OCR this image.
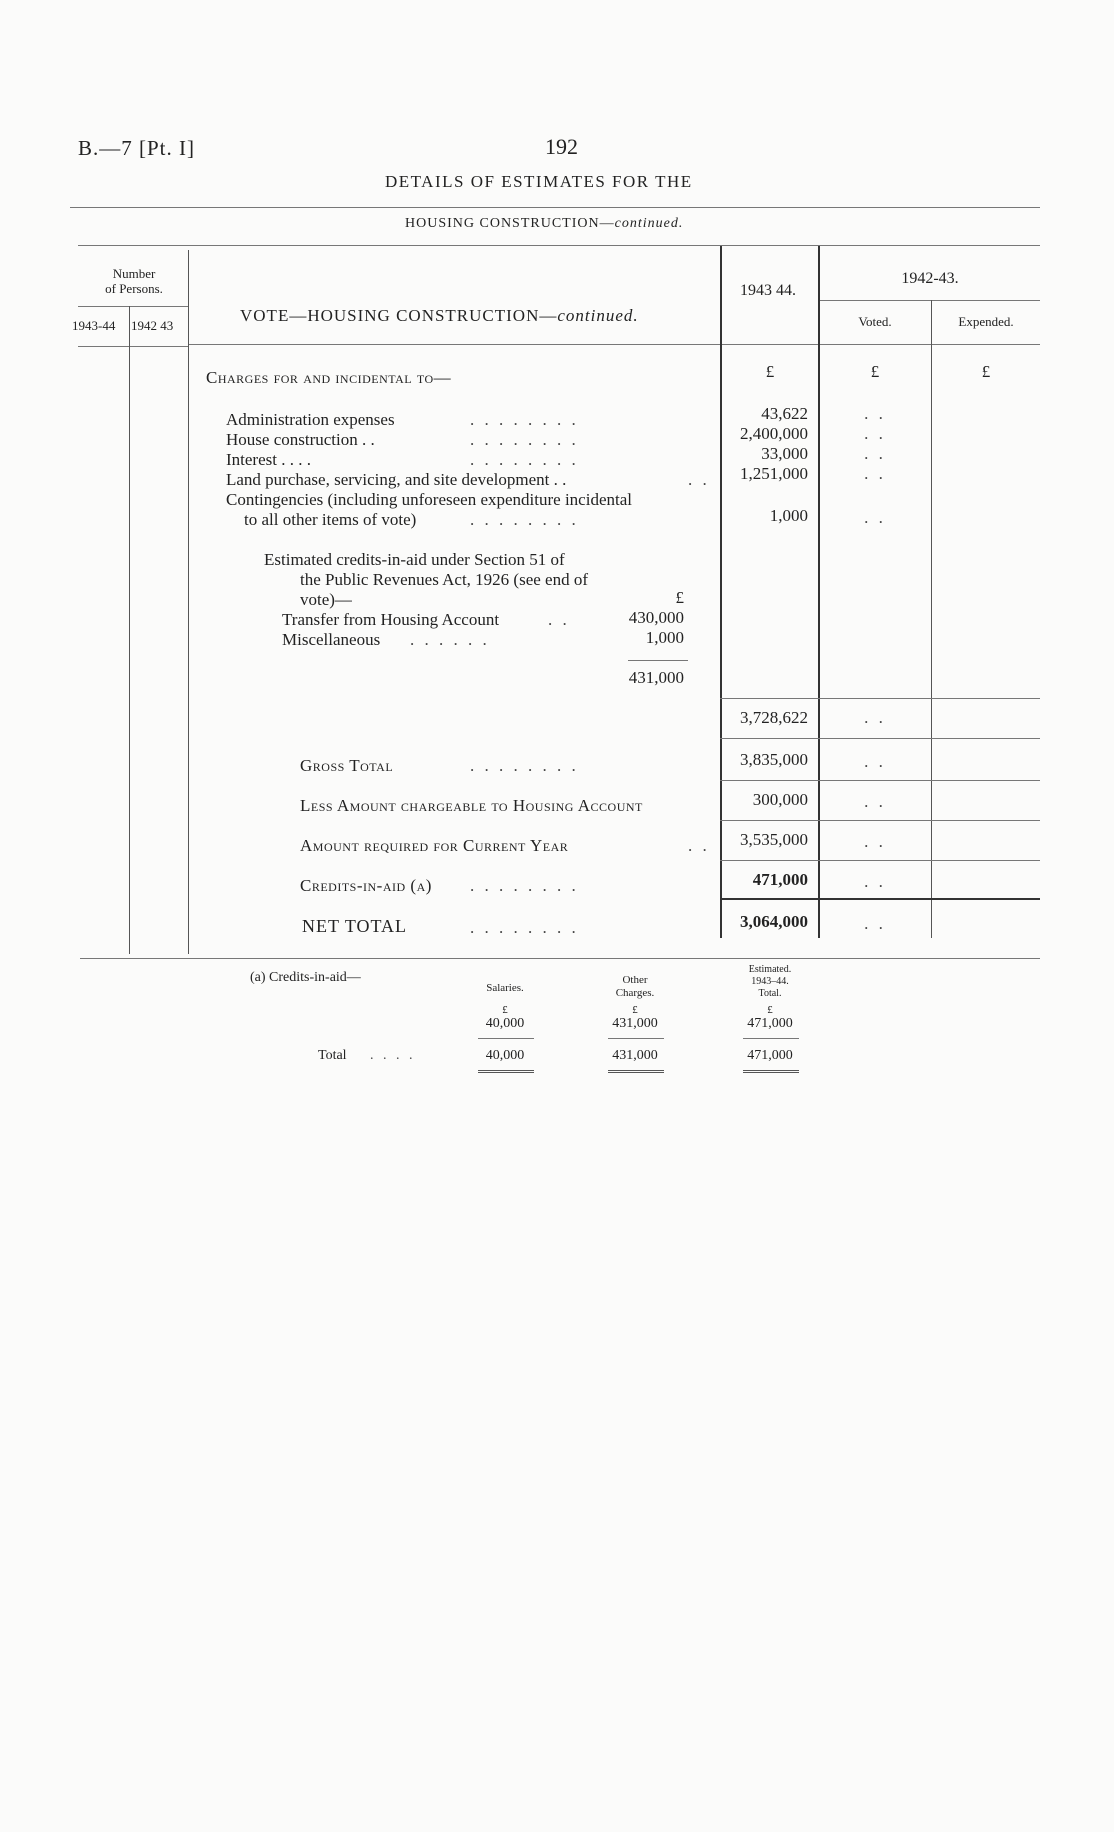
B.—7 [Pt. I]	192
DETAILS OF ESTIMATES FOR THE
HOUSING CONSTRUCTION—continued.
Number
of Persons.
1943-44 1942 43
VOTE—HOUSING CONSTRUCTION—continued.
1943 44.
1942-43.
Voted.	Expended.
£	£	£
Charges for and incidental to—
Administration expenses	. . . . . . . .	43,622	. .
House construction . .	. . . . . . . .	2,400,000	. .
Interest . . . .	. . . . . . . .	33,000	. .
Land purchase, servicing, and site development . .	. .	1,251,000	. .
Contingencies (including unforeseen expenditure incidental
to all other items of vote)	. . . . . . . .	1,000	. .
Estimated credits-in-aid under Section 51 of
the Public Revenues Act, 1926 (see end of
vote)—	£
Transfer from Housing Account	. .	430,000
Miscellaneous . . . . . .	1,000
431,000
3,728,622	. .
Gross Total	. . . . . . . .	3,835,000	. .
Less Amount chargeable to Housing Account	300,000	. .
Amount required for Current Year	. .	3,535,000	. .
Credits-in-aid (a) . . . . . . . .	471,000	. .
NET TOTAL	. . . . . . . .	3,064,000	. .
(a) Credits-in-aid—
Salaries.
Other
Charges.
Estimated.
1943–44.
Total.
£	£	£
40,000	431,000	471,000
Total . . . .	40,000	431,000	471,000
